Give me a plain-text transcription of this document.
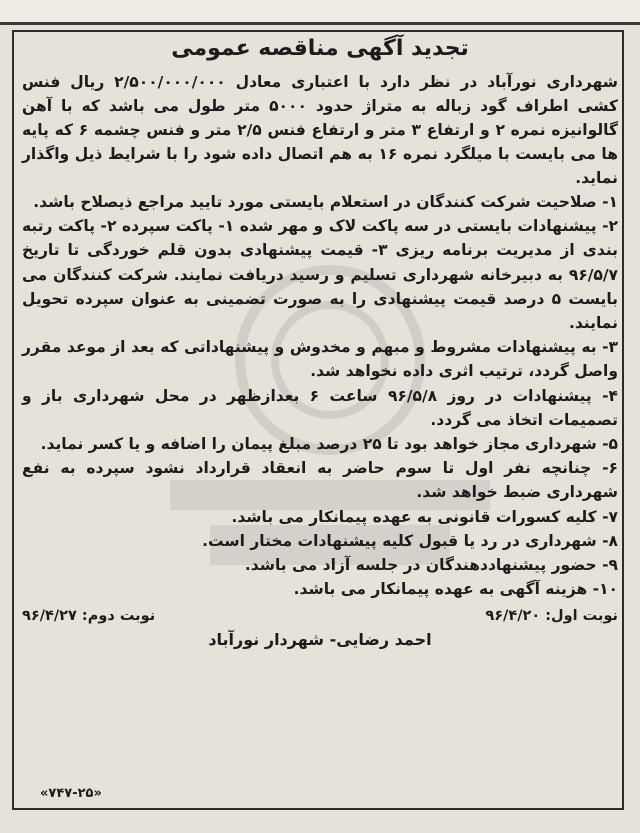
تجدید آگهی مناقصه عمومی

شهرداری نورآباد در نظر دارد با اعتباری معادل ۲/۵۰۰/۰۰۰/۰۰۰ ریال فنس کشی اطراف گود زباله به متراژ حدود ۵۰۰۰ متر طول می باشد که با آهن گالوانیزه نمره ۲ و ارتفاع ۳ متر و ارتفاع فنس ۲/۵ متر و فنس چشمه ۶ که پایه ها می بایست با میلگرد نمره ۱۶ به هم اتصال داده شود را با شرایط ذیل واگذار نماید.

۱- صلاحیت شرکت کنندگان در استعلام بایستی مورد تایید مراجع ذیصلاح باشد.

۲- پیشنهادات بایستی در سه پاکت لاک و مهر شده ۱- پاکت سپرده ۲- پاکت رتبه بندی از مدیریت برنامه ریزی ۳- قیمت پیشنهادی بدون قلم خوردگی تا تاریخ ۹۶/۵/۷ به دبیرخانه شهرداری تسلیم و رسید دریافت نمایند. شرکت کنندگان می بایست ۵ درصد قیمت پیشنهادی را به صورت تضمینی به عنوان سپرده تحویل نمایند.

۳- به پیشنهادات مشروط و مبهم و مخدوش و پیشنهاداتی که بعد از موعد مقرر واصل گردد، ترتیب اثری داده نخواهد شد.

۴- پیشنهادات در روز ۹۶/۵/۸ ساعت ۶ بعدازظهر در محل شهرداری باز و تصمیمات اتخاذ می گردد.

۵- شهرداری مجاز خواهد بود تا ۲۵ درصد مبلغ پیمان را اضافه و یا کسر نماید.

۶- چنانچه نفر اول تا سوم حاضر به انعقاد قرارداد نشود سپرده به نفع شهرداری ضبط خواهد شد.

۷- کلیه کسورات قانونی به عهده پیمانکار می باشد.

۸- شهرداری در رد یا قبول کلیه پیشنهادات مختار است.

۹- حضور پیشنهاددهندگان در جلسه آزاد می باشد.

۱۰- هزینه آگهی به عهده پیمانکار می باشد.

نوبت اول: ۹۶/۴/۲۰
نوبت دوم: ۹۶/۴/۲۷
احمد رضایی- شهردار نورآباد
«۷۴۷-۲۵»
